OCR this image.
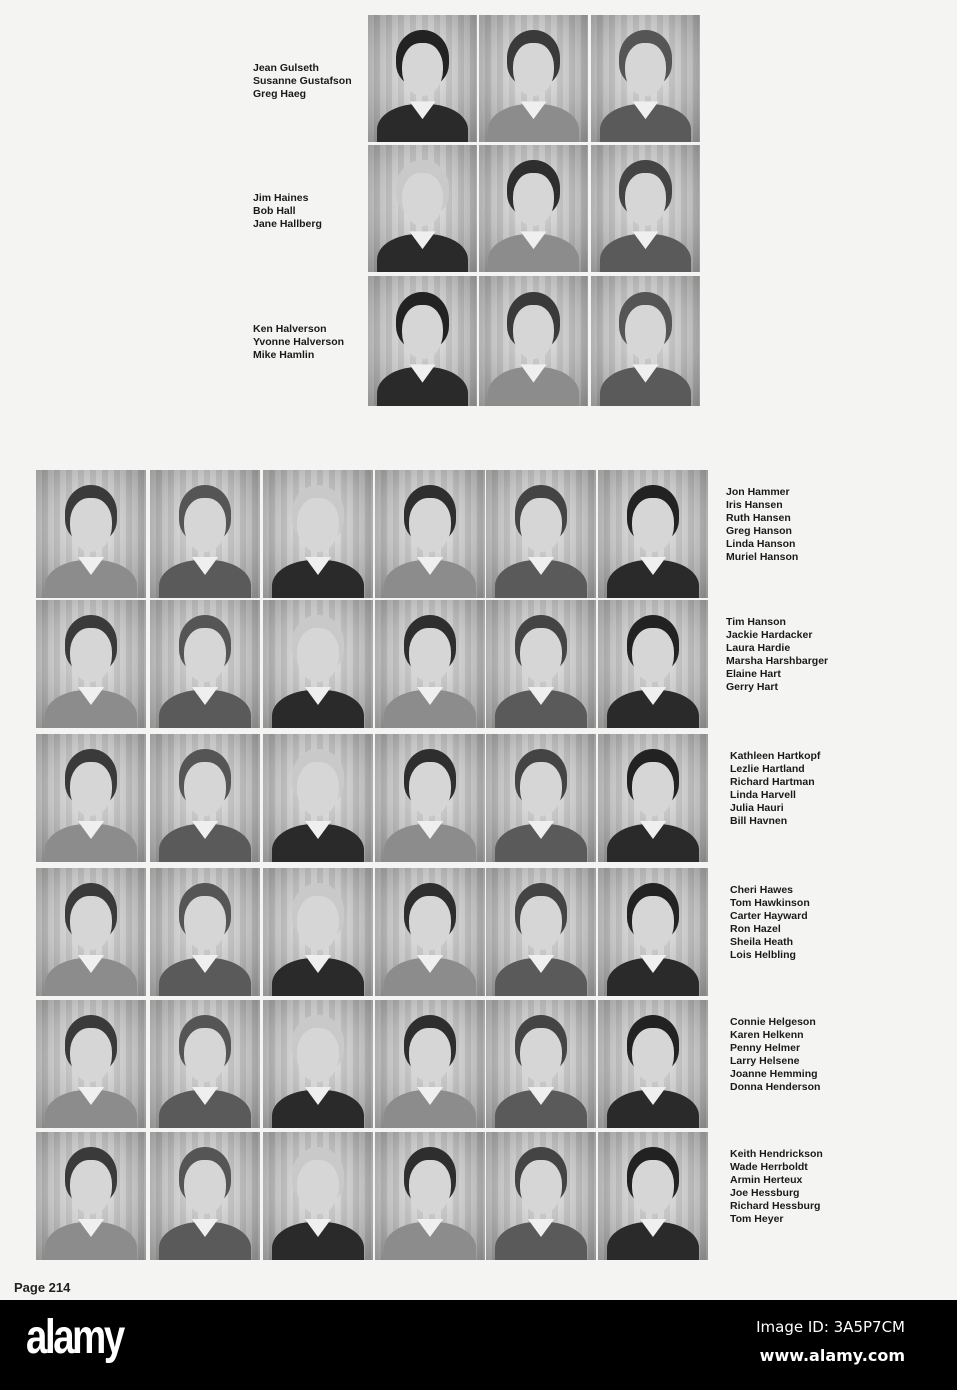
Page 214
alamy	Image ID: 3A5P7CM
www.alamy.com
Jean Gulseth
Susanne Gustafson
Greg Haeg
Jim Haines
Bob Hall
Jane Hallberg
Ken Halverson
Yvonne Halverson
Mike Hamlin
Jon Hammer
Iris Hansen
Ruth Hansen
Greg Hanson
Linda Hanson
Muriel Hanson
Tim Hanson
Jackie Hardacker
Laura Hardie
Marsha Harshbarger
Elaine Hart
Gerry Hart
Kathleen Hartkopf
Lezlie Hartland
Richard Hartman
Linda Harvell
Julia Hauri
Bill Havnen
Cheri Hawes
Tom Hawkinson
Carter Hayward
Ron Hazel
Sheila Heath
Lois Helbling
Connie Helgeson
Karen Helkenn
Penny Helmer
Larry Helsene
Joanne Hemming
Donna Henderson
Keith Hendrickson
Wade Herrboldt
Armin Herteux
Joe Hessburg
Richard Hessburg
Tom Heyer
